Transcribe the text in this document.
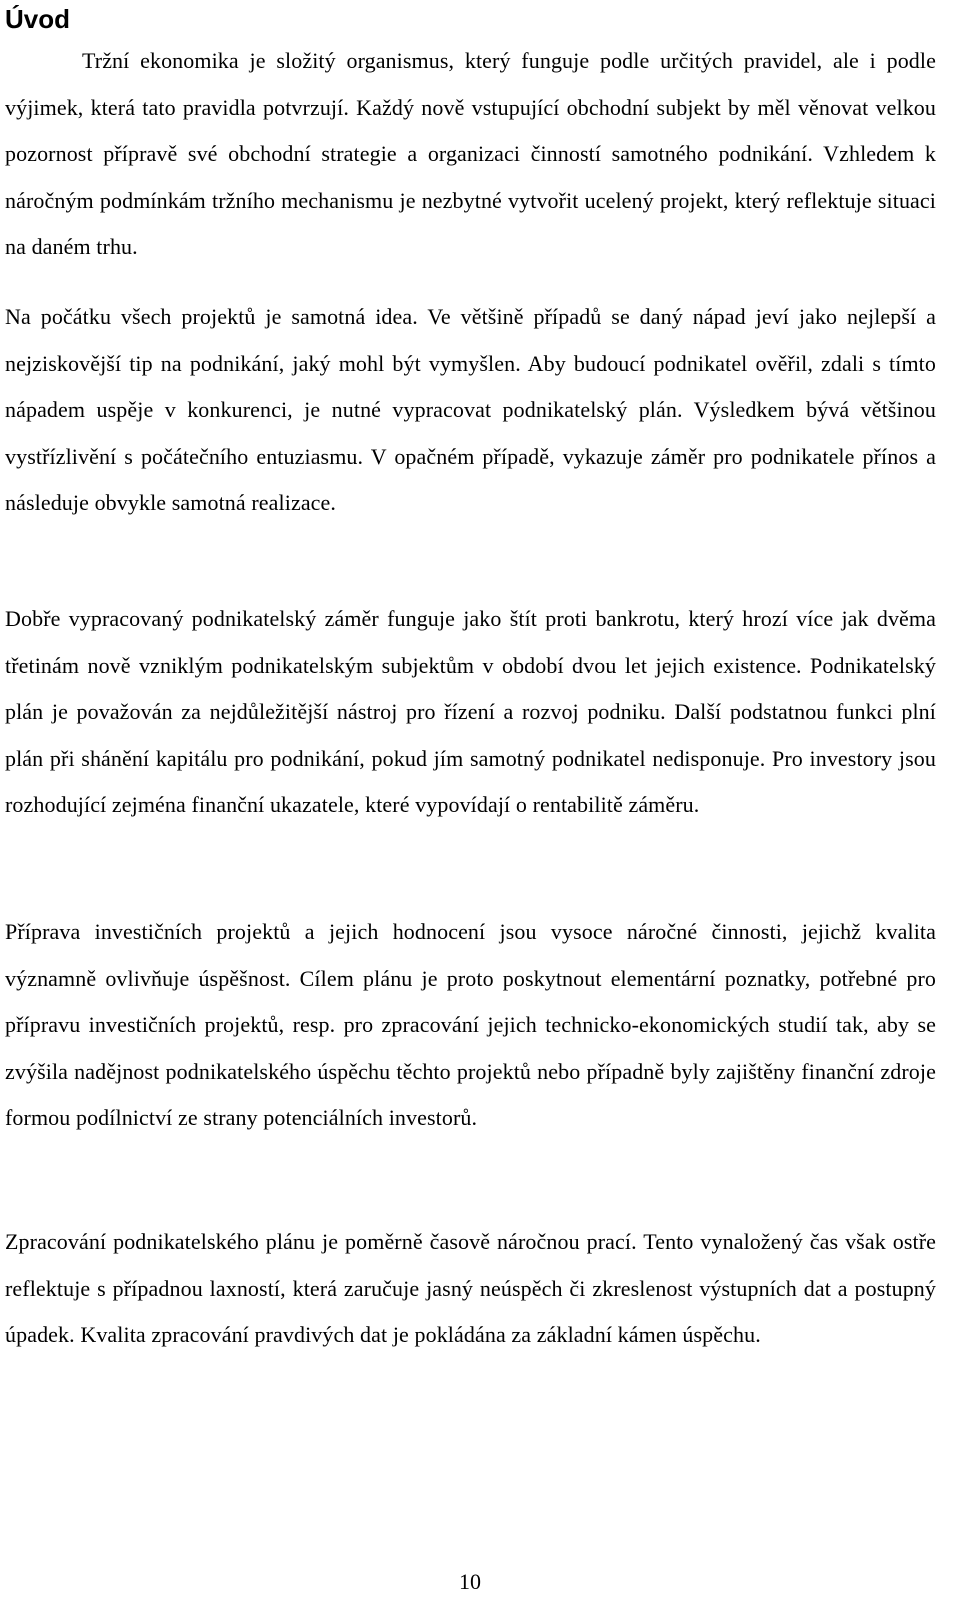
Úvod

Tržní ekonomika je složitý organismus, který funguje podle určitých pravidel, ale i podle výjimek, která tato pravidla potvrzují. Každý nově vstupující obchodní subjekt by měl věnovat velkou pozornost přípravě své obchodní strategie a organizaci činností samotného podnikání. Vzhledem k náročným podmínkám tržního mechanismu je nezbytné vytvořit ucelený projekt, který reflektuje situaci na daném trhu.

Na počátku všech projektů je samotná idea. Ve většině případů se daný nápad jeví jako nejlepší a nejziskovější tip na podnikání, jaký mohl být vymyšlen. Aby budoucí podnikatel ověřil, zdali s tímto nápadem uspěje v konkurenci, je nutné vypracovat podnikatelský plán. Výsledkem bývá většinou vystřízlivění s počátečního entuziasmu. V opačném případě, vykazuje záměr pro podnikatele přínos a následuje obvykle samotná realizace.

Dobře vypracovaný podnikatelský záměr funguje jako štít proti bankrotu, který hrozí více jak dvěma třetinám nově vzniklým podnikatelským subjektům v období dvou let jejich existence. Podnikatelský plán je považován za nejdůležitější nástroj pro řízení a rozvoj podniku. Další podstatnou funkci plní plán při shánění kapitálu pro podnikání, pokud jím samotný podnikatel nedisponuje. Pro investory jsou rozhodující zejména finanční ukazatele, které vypovídají o rentabilitě záměru.

Příprava investičních projektů a jejich hodnocení jsou vysoce náročné činnosti, jejichž kvalita významně ovlivňuje úspěšnost. Cílem plánu je proto poskytnout elementární poznatky, potřebné pro přípravu investičních projektů, resp. pro zpracování jejich technicko-ekonomických studií tak, aby se zvýšila nadějnost podnikatelského úspěchu těchto projektů nebo případně byly zajištěny finanční zdroje formou podílnictví ze strany potenciálních investorů.

Zpracování podnikatelského plánu je poměrně časově náročnou prací. Tento vynaložený čas však ostře reflektuje s případnou laxností, která zaručuje jasný neúspěch či zkreslenost výstupních dat a postupný úpadek. Kvalita zpracování pravdivých dat je pokládána za základní kámen úspěchu.

10
